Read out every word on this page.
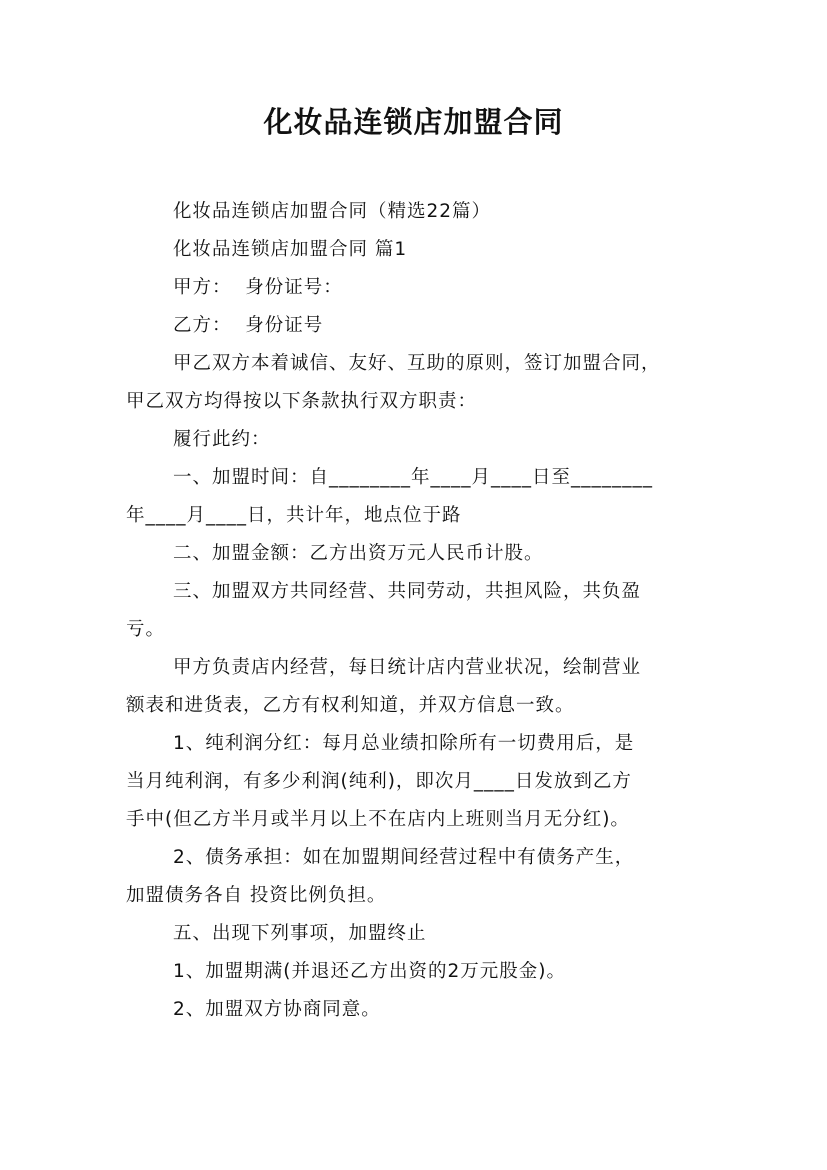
化妆品连锁店加盟合同
化妆品连锁店加盟合同（精选22篇）
化妆品连锁店加盟合同 篇1
甲方：  身份证号：
乙方：  身份证号
甲乙双方本着诚信、友好、互助的原则，签订加盟合同，
甲乙双方均得按以下条款执行双方职责：
履行此约：
一、加盟时间：自________年____月____日至________
年____月____日，共计年，地点位于路
二、加盟金额：乙方出资万元人民币计股。
三、加盟双方共同经营、共同劳动，共担风险，共负盈
亏。
甲方负责店内经营，每日统计店内营业状况，绘制营业
额表和进货表，乙方有权利知道，并双方信息一致。
1、纯利润分红：每月总业绩扣除所有一切费用后，是
当月纯利润，有多少利润(纯利)，即次月____日发放到乙方
手中(但乙方半月或半月以上不在店内上班则当月无分红)。
2、债务承担：如在加盟期间经营过程中有债务产生，
加盟债务各自 投资比例负担。
五、出现下列事项，加盟终止
1、加盟期满(并退还乙方出资的2万元股金)。
2、加盟双方协商同意。
